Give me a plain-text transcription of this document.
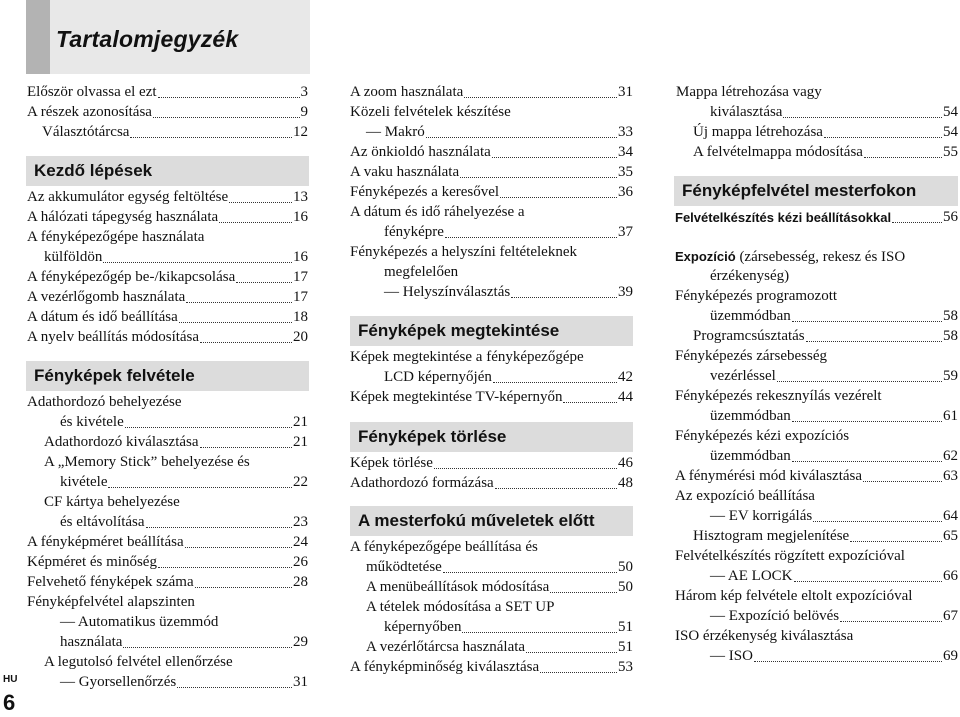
Tartalomjegyzék
Először olvassa el ezt	3
A részek azonosítása	9
Választótárcsa	12
Kezdő lépések
Az akkumulátor egység feltöltése	13
A hálózati tápegység használata	16
A fényképezőgépe használata
külföldön	16
A fényképezőgép be-/kikapcsolása	17
A vezérlőgomb használata	17
A dátum és idő beállítása	18
A nyelv beállítás módosítása	20
Fényképek felvétele
Adathordozó behelyezése
és kivétele	21
Adathordozó kiválasztása	21
A „Memory Stick” behelyezése és
kivétele	22
CF kártya behelyezése
és eltávolítása	23
A fényképméret beállítása	24
Képméret és minőség	26
Felvehető fényképek száma	28
Fényképfelvétel alapszinten
— Automatikus üzemmód
használata	29
A legutolsó felvétel ellenőrzése
— Gyorsellenőrzés	31
A zoom használata	31
Közeli felvételek készítése
— Makró	33
Az önkioldó használata	34
A vaku használata	35
Fényképezés a keresővel	36
A dátum és idő ráhelyezése a
fényképre	37
Fényképezés a helyszíni feltételeknek
megfelelően
— Helyszínválasztás	39
Fényképek megtekintése
Képek megtekintése a fényképezőgépe
LCD képernyőjén	42
Képek megtekintése TV-képernyőn	44
Fényképek törlése
Képek törlése	46
Adathordozó formázása	48
A mesterfokú műveletek előtt
A fényképezőgépe beállítása és
működtetése	50
A menübeállítások módosítása	50
A tételek módosítása a SET UP
képernyőben	51
A vezérlőtárcsa használata	51
A fényképminőség kiválasztása	53
Mappa létrehozása vagy
kiválasztása	54
Új mappa létrehozása	54
A felvételmappa módosítása	55
Fényképfelvétel mesterfokon
Felvételkészítés kézi beállításokkal	56
Expozíció (zársebesség, rekesz és ISO
érzékenység)
Fényképezés programozott
üzemmódban	58
Programcsúsztatás	58
Fényképezés zársebesség
vezérléssel	59
Fényképezés rekesznyílás vezérelt
üzemmódban	61
Fényképezés kézi expozíciós
üzemmódban	62
A fénymérési mód kiválasztása	63
Az expozíció beállítása
— EV korrigálás	64
Hisztogram megjelenítése	65
Felvételkészítés rögzített expozícióval
— AE LOCK	66
Három kép felvétele eltolt expozícióval
— Expozíció belövés	67
ISO érzékenység kiválasztása
— ISO	69
HU
6
